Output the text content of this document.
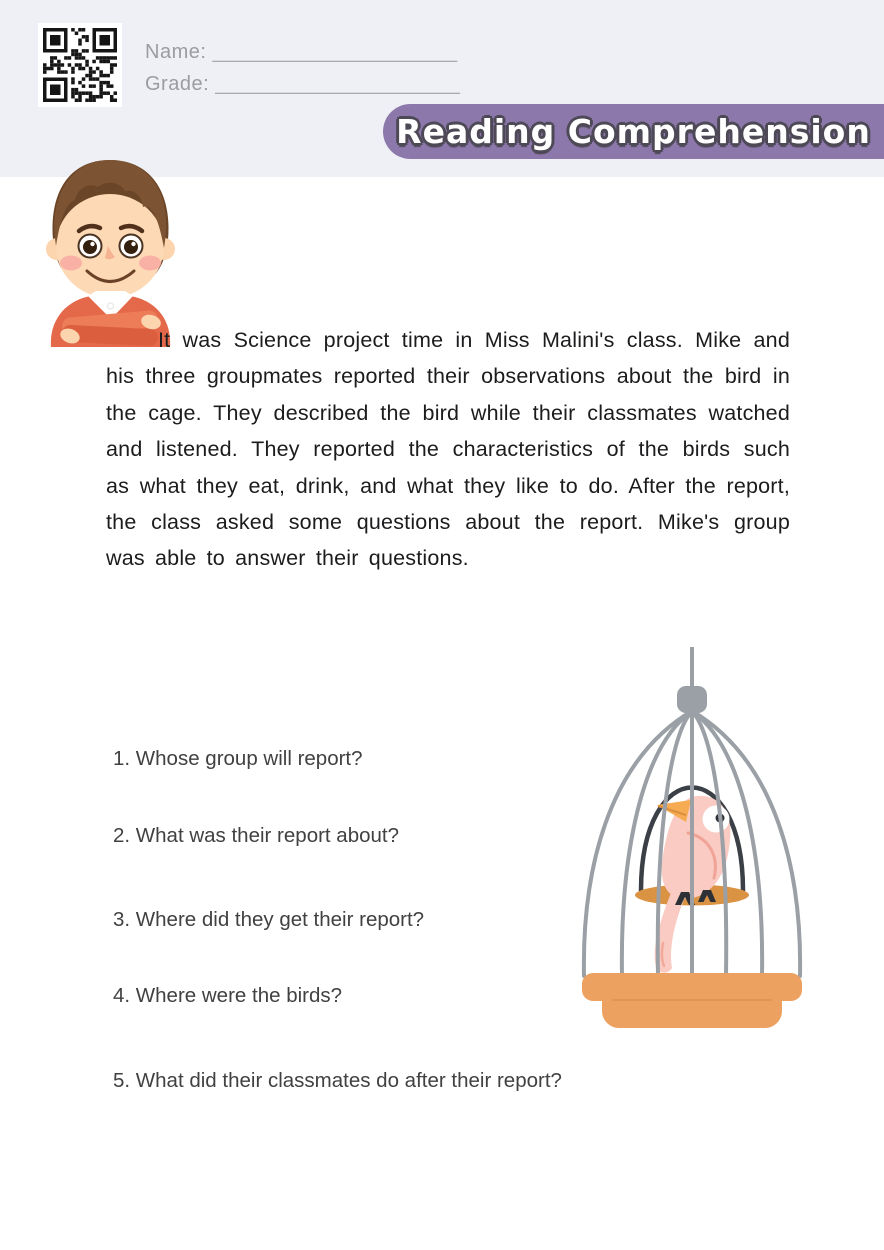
Name: ______________________
Grade: ______________________
Reading Comprehension

It was Science project time in Miss Malini's class. Mike and his three groupmates reported their observations about the bird in the cage. They described the bird while their classmates watched and listened. They reported the characteristics of the birds such as what they eat, drink, and what they like to do. After the report, the class asked some questions about the report. Mike's group was able to answer their questions.

1. Whose group will report?
2. What was their report about?
3. Where did they get their report?
4. Where were the birds?
5. What did their classmates do after their report?
